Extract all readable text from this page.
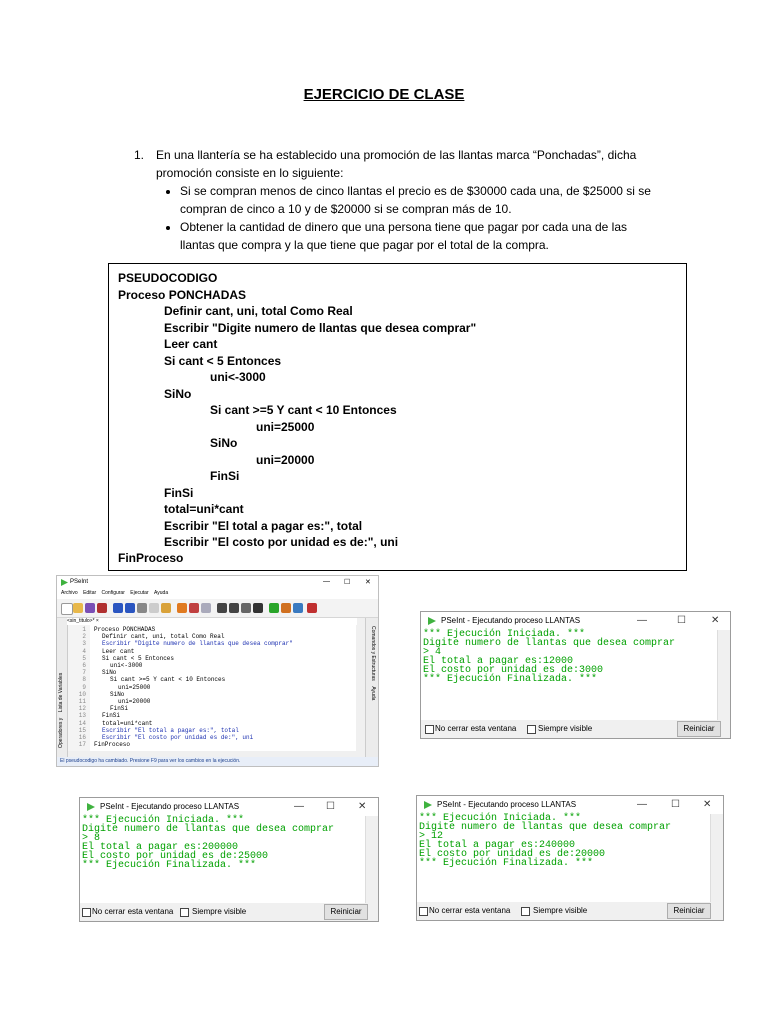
EJERCICIO DE CLASE
1. En una llantería se ha establecido una promoción de las llantas marca “Ponchadas”, dicha promoción consiste en lo siguiente:
• Si se compran menos de cinco llantas el precio es de $30000 cada una, de $25000 si se compran de cinco a 10 y de $20000 si se compran más de 10.
• Obtener la cantidad de dinero que una persona tiene que pagar por cada una de las llantas que compra y la que tiene que pagar por el total de la compra.
PSEUDOCODIGO
Proceso PONCHADAS
Definir cant, uni, total Como Real
Escribir "Digite numero de llantas que desea comprar"
Leer cant
Si cant < 5 Entonces
uni<-3000
SiNo
Si cant >=5 Y cant < 10 Entonces
uni=25000
SiNo
uni=20000
FinSi
FinSi
total=uni*cant
Escribir "El total a pagar es:", total
Escribir "El costo por unidad es de:", uni
FinProceso
PSeInt	— ☐ ✕
Archivo Editar Configurar Ejecutar Ayuda
Operadores y    Lista de Variables
<sin_titulo>* ×
Comandos y Estructuras    Ayuda
1 Proceso PONCHADAS
2	Definir cant, uni, total Como Real
3	Escribir "Digite numero de llantas que desea comprar"
4	Leer cant
5	Si cant < 5 Entonces
6	uni<-3000
7	SiNo
8	Si cant >=5 Y cant < 10 Entonces
9	uni=25000
10	SiNo
11	uni=20000
12	FinSi
13	FinSi
14	total=uni*cant
15	Escribir "El total a pagar es:", total
16	Escribir "El costo por unidad es de:", uni
17 FinProceso
El pseudocodigo ha cambiado. Presione F9 para ver los cambios en la ejecución.
PSeInt - Ejecutando proceso LLANTAS	—	☐	✕
*** Ejecución Iniciada. ***
Digite numero de llantas que desea comprar
> 4
El total a pagar es:12000
El costo por unidad es de:3000
*** Ejecución Finalizada. ***
No cerrar esta ventana	Siempre visible	Reiniciar
PSeInt - Ejecutando proceso LLANTAS	— ☐ ✕
*** Ejecución Iniciada. ***
Digite numero de llantas que desea comprar
> 8
El total a pagar es:200000
El costo por unidad es de:25000
*** Ejecución Finalizada. ***
No cerrar esta ventana Siempre visible	Reiniciar
PSeInt - Ejecutando proceso LLANTAS	— ☐ ✕
*** Ejecución Iniciada. ***
Digite numero de llantas que desea comprar
> 12
El total a pagar es:240000
El costo por unidad es de:20000
*** Ejecución Finalizada. ***
No cerrar esta ventana	Siempre visible	Reiniciar
